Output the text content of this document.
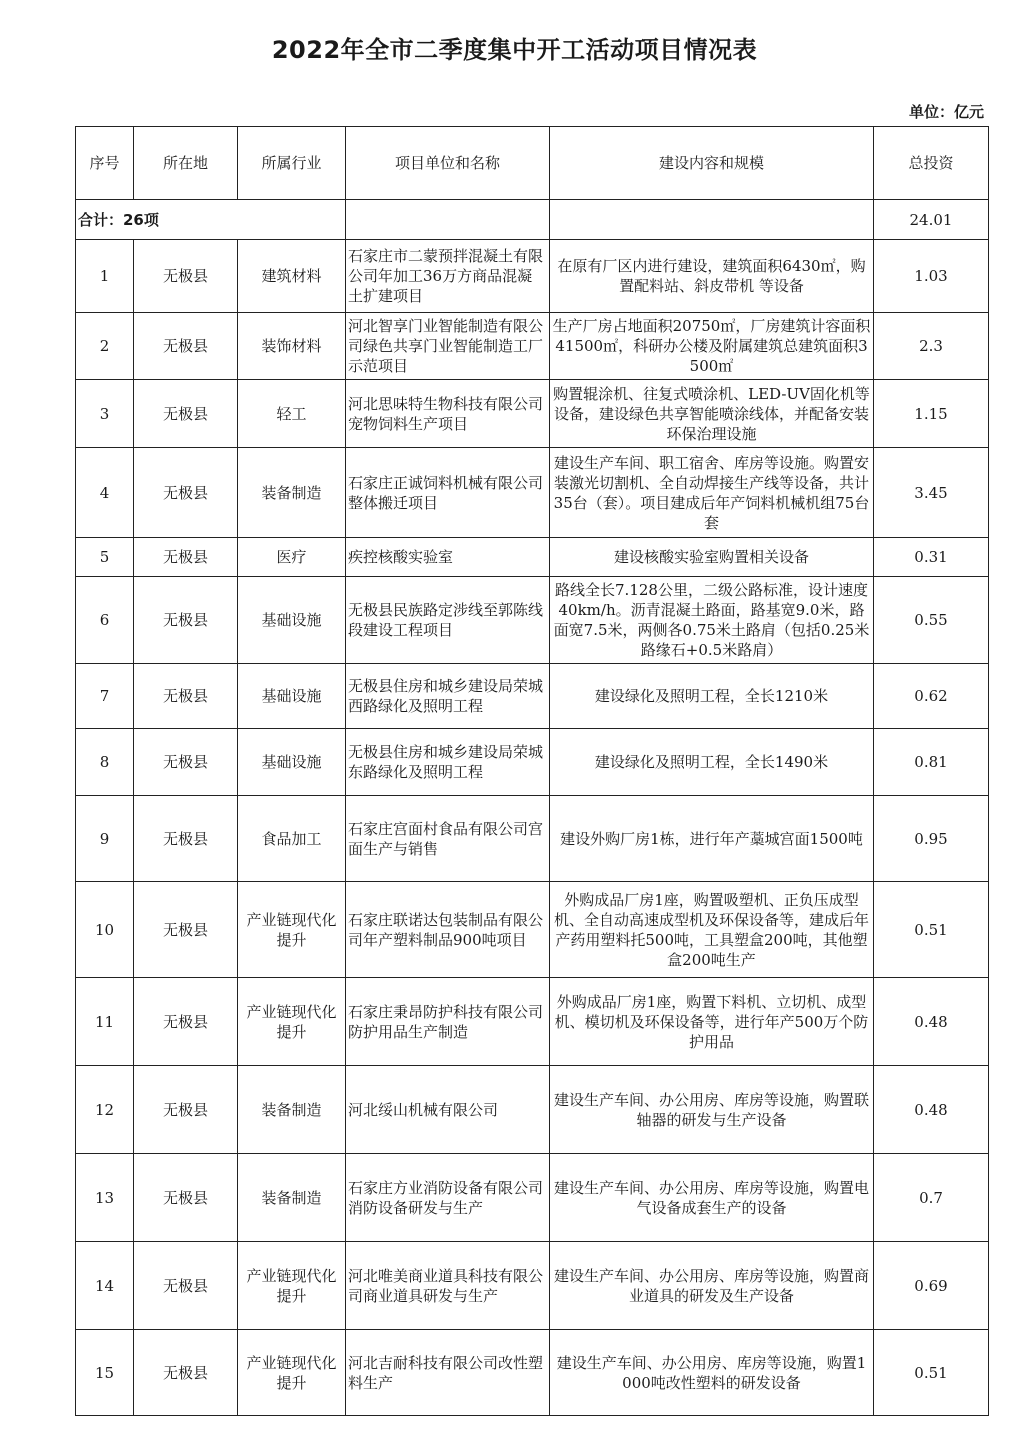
2022年全市二季度集中开工活动项目情况表
单位：亿元
序号	所在地	所属行业	项目单位和名称	建设内容和规模	总投资
合计：26项					24.01
1	无极县	建筑材料	石家庄市二蒙预拌混凝土有限公司年加工36万方商品混凝土扩建项目	在原有厂区内进行建设，建筑面积6430㎡，购置配料站、斜皮带机 等设备	1.03
2	无极县	装饰材料	河北智享门业智能制造有限公司绿色共享门业智能制造工厂示范项目	生产厂房占地面积20750㎡，厂房建筑计容面积41500㎡，科研办公楼及附属建筑总建筑面积3500㎡	2.3
3	无极县	轻工	河北思味特生物科技有限公司宠物饲料生产项目	购置辊涂机、往复式喷涂机、LED-UV固化机等设备，建设绿色共享智能喷涂线体，并配备安装环保治理设施	1.15
4	无极县	装备制造	石家庄正诚饲料机械有限公司整体搬迁项目	建设生产车间、职工宿舍、库房等设施。购置安装激光切割机、全自动焊接生产线等设备，共计35台（套）。项目建成后年产饲料机械机组75台套	3.45
5	无极县	医疗	疾控核酸实验室	建设核酸实验室购置相关设备	0.31
6	无极县	基础设施	无极县民族路定涉线至郭陈线段建设工程项目	路线全长7.128公里，二级公路标准，设计速度40km/h。沥青混凝土路面，路基宽9.0米，路面宽7.5米，两侧各0.75米土路肩（包括0.25米路缘石+0.5米路肩）	0.55
7	无极县	基础设施	无极县住房和城乡建设局荣城西路绿化及照明工程	建设绿化及照明工程，全长1210米	0.62
8	无极县	基础设施	无极县住房和城乡建设局荣城东路绿化及照明工程	建设绿化及照明工程，全长1490米	0.81
9	无极县	食品加工	石家庄宫面村食品有限公司宫面生产与销售	建设外购厂房1栋，进行年产藁城宫面1500吨	0.95
10	无极县	产业链现代化提升	石家庄联诺达包装制品有限公司年产塑料制品900吨项目	外购成品厂房1座，购置吸塑机、正负压成型机、全自动高速成型机及环保设备等，建成后年产药用塑料托500吨，工具塑盒200吨，其他塑盒200吨生产	0.51
11	无极县	产业链现代化提升	石家庄秉昂防护科技有限公司防护用品生产制造	外购成品厂房1座，购置下料机、立切机、成型机、模切机及环保设备等，进行年产500万个防护用品	0.48
12	无极县	装备制造	河北绥山机械有限公司	建设生产车间、办公用房、库房等设施，购置联轴器的研发与生产设备	0.48
13	无极县	装备制造	石家庄方业消防设备有限公司消防设备研发与生产	建设生产车间、办公用房、库房等设施，购置电气设备成套生产的设备	0.7
14	无极县	产业链现代化提升	河北唯美商业道具科技有限公司商业道具研发与生产	建设生产车间、办公用房、库房等设施，购置商业道具的研发及生产设备	0.69
15	无极县	产业链现代化提升	河北吉耐科技有限公司改性塑料生产	建设生产车间、办公用房、库房等设施，购置1000吨改性塑料的研发设备	0.51
